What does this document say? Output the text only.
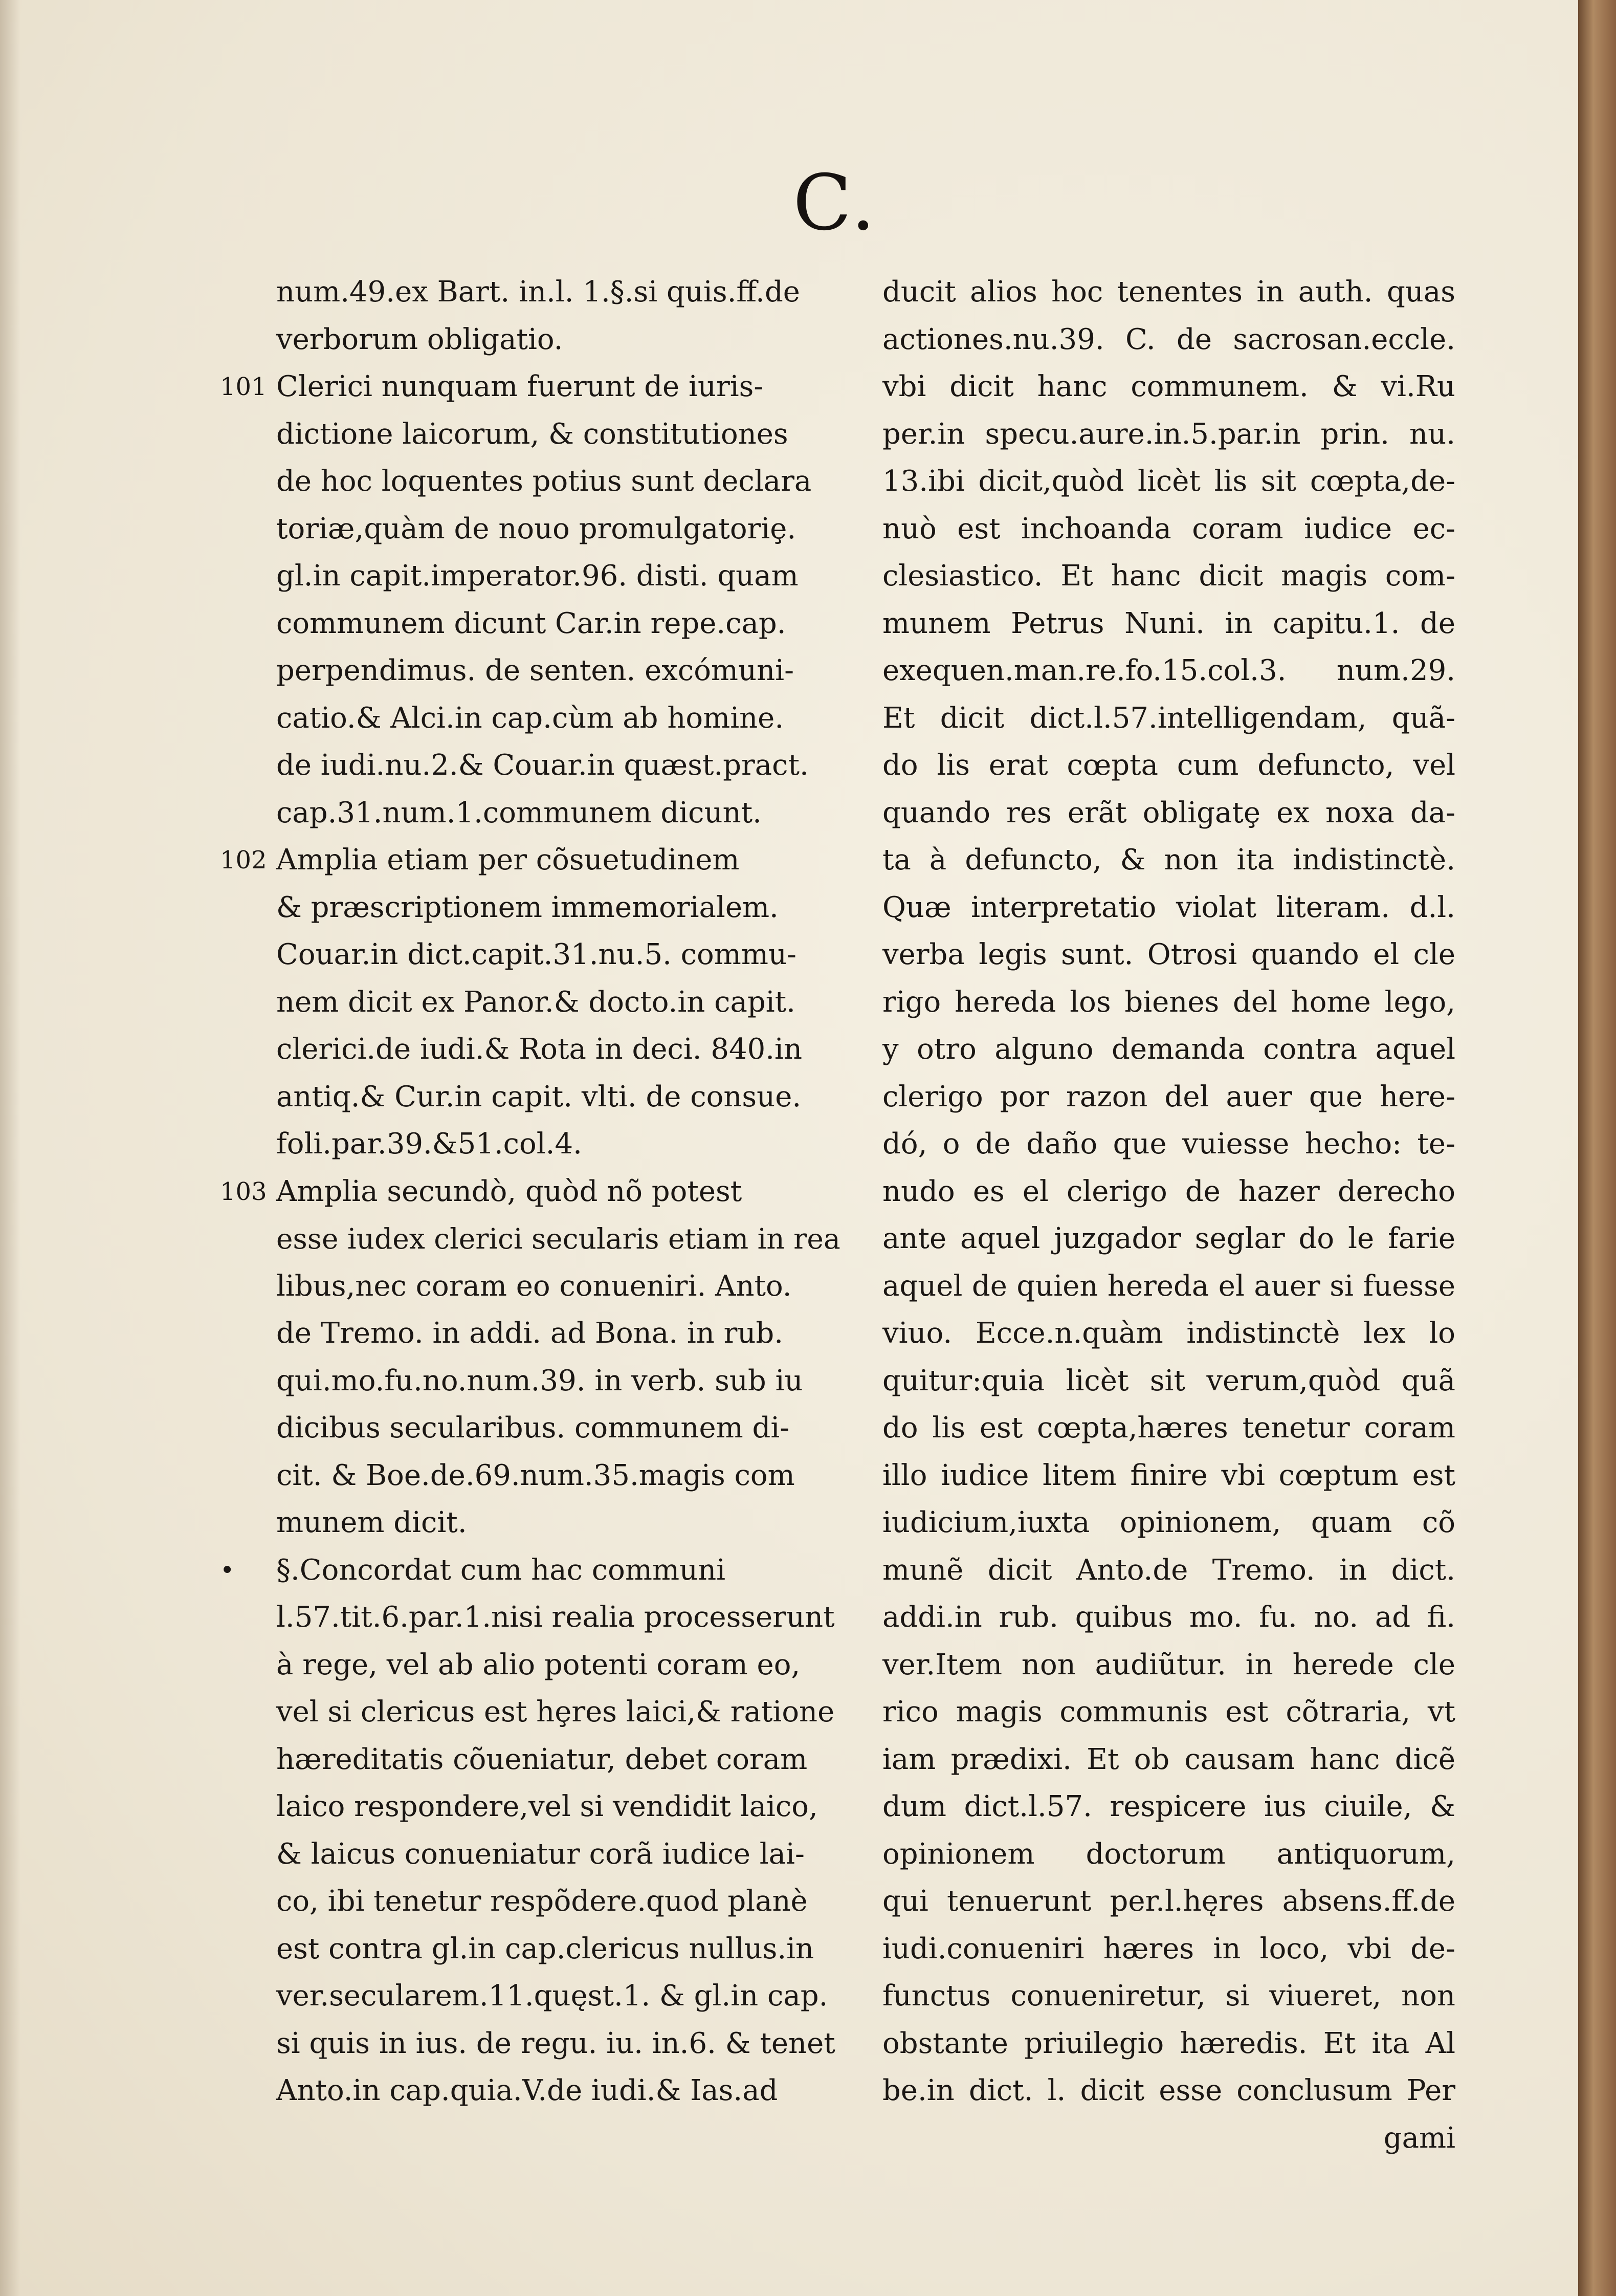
C.
num.49.ex Bart. in.l. 1.§.si quis.ff.de
verborum obligatio.
101 Clerici nunquam fuerunt de iuris-
dictione laicorum, & constitutiones
de hoc loquentes potius sunt declara
toriæ,quàm de nouo promulgatoriȩ.
gl.in capit.imperator.96. disti. quam
communem dicunt Car.in repe.cap.
perpendimus. de senten. excómuni-
catio.& Alci.in cap.cùm ab homine.
de iudi.nu.2.& Couar.in quæst.pract.
cap.31.num.1.communem dicunt.
102 Amplia etiam per cõsuetudinem
& præscriptionem immemorialem.
Couar.in dict.capit.31.nu.5. commu-
nem dicit ex Panor.& docto.in capit.
clerici.de iudi.& Rota in deci. 840.in
antiq.& Cur.in capit. vlti. de consue.
foli.par.39.&51.col.4.
103 Amplia secundò, quòd nõ potest
esse iudex clerici secularis etiam in rea
libus,nec coram eo conueniri. Anto.
de Tremo. in addi. ad Bona. in rub.
qui.mo.fu.no.num.39. in verb. sub iu
dicibus secularibus. communem di-
cit. & Boe.de.69.num.35.magis com
munem dicit.
• §.Concordat cum hac communi
l.57.tit.6.par.1.nisi realia processerunt
à rege, vel ab alio potenti coram eo,
vel si clericus est hȩres laici,& ratione
hæreditatis cõueniatur, debet coram
laico respondere,vel si vendidit laico,
& laicus conueniatur corã iudice lai-
co, ibi tenetur respõdere.quod planè
est contra gl.in cap.clericus nullus.in
ver.secularem.11.quęst.1. & gl.in cap.
si quis in ius. de regu. iu. in.6. & tenet
Anto.in cap.quia.V.de iudi.& Ias.ad
ducit alios hoc tenentes in auth. quas
actiones.nu.39. C. de sacrosan.eccle.
vbi dicit hanc communem. & vi.Ru
per.in specu.aure.in.5.par.in prin. nu.
13.ibi dicit,quòd licèt lis sit cœpta,de-
nuò est inchoanda coram iudice ec-
clesiastico. Et hanc dicit magis com-
munem Petrus Nuni. in capitu.1. de
exequen.man.re.fo.15.col.3. num.29.
Et dicit dict.l.57.intelligendam, quã-
do lis erat cœpta cum defuncto, vel
quando res erãt obligatȩ ex noxa da-
ta à defuncto, & non ita indistinctè.
Quæ interpretatio violat literam. d.l.
verba legis sunt. Otrosi quando el cle
rigo hereda los bienes del home lego,
y otro alguno demanda contra aquel
clerigo por razon del auer que here-
dó, o de daño que vuiesse hecho: te-
nudo es el clerigo de hazer derecho
ante aquel juzgador seglar do le farie
aquel de quien hereda el auer si fuesse
viuo. Ecce.n.quàm indistinctè lex lo
quitur:quia licèt sit verum,quòd quã
do lis est cœpta,hæres tenetur coram
illo iudice litem finire vbi cœptum est
iudicium,iuxta opinionem, quam cõ
munẽ dicit Anto.de Tremo. in dict.
addi.in rub. quibus mo. fu. no. ad fi.
ver.Item non audiũtur. in herede cle
rico magis communis est cõtraria, vt
iam prædixi. Et ob causam hanc dicẽ
dum dict.l.57. respicere ius ciuile, &
opinionem doctorum antiquorum,
qui tenuerunt per.l.hęres absens.ff.de
iudi.conueniri hæres in loco, vbi de-
functus conueniretur, si viueret, non
obstante priuilegio hæredis. Et ita Al
be.in dict. l. dicit esse conclusum Per
gami
